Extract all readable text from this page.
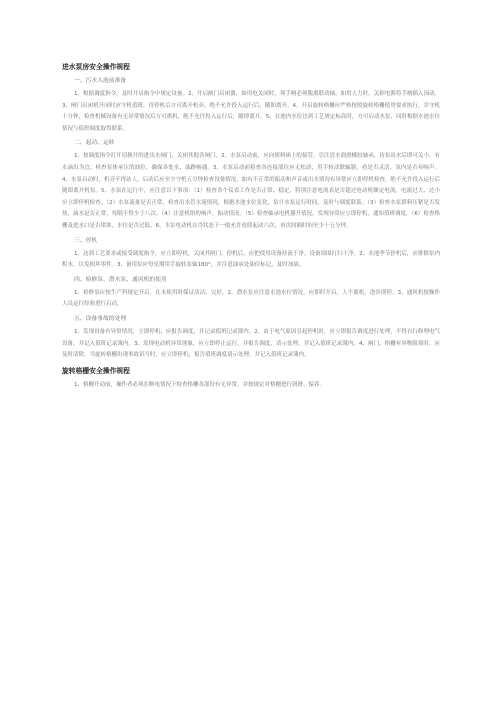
进水泵房安全操作规程
一、污水入池前准备
1、根据调度指令，及时开启指令中规定设备。2、开启闸门启闭器，如用电关闭时，须手柄必须脱离联动轴。如用人力时，关掉电源将手柄插入顶动。3、闸门启闭机开闭时应守机值班，待停机后方可离开机旁，绝不允许投入运行后，随即离开。4、开启旋转格栅应严格按照旋转格栅使用要求执行，并守机十分钟，检查机械设备有无异常情况后方可离机，绝不允许投入运行后，随即离开。5、在池内水位达到工艺规定标高时，方可启动水泵，同时根据水池水位情况与值班调度取得联系。
二、起动、运转
1、按调度指令打开切换开的进出水闸门，关闭其他各闸门。2、水泵启动前，应向填料函上的接管，引注清水润滑橡胶轴承，待泵出水后即可关小，有水滴出为宜，检查泵体承压的油位，确保各处水、油路畅通。3、水泵启动前检查各连接部位应无松动，用手转动联轴器，看是否灵活，泵内是否有响声。4、水泵启动时，机旁不得站人，启动后应至少守机五分钟检查设备情况，如有不正常的振动和声音或出水情况有异常应立即停机检查，绝不允许投入运行后随即离开机泵。5、水泵在运行中，应注意以下事项：（1）检查各个仪表工作是否正常、稳定，特别注意电流表是否超过电动机额定电流，电流过大、过小应立即停机检查。（2）水泵流量是否正常，检查出水管水流情况，根据水池水位变化，估计水泵运行时间，及时与调度联系。（3）检查水泵填料压紧是否发热，滴水是否正常，每隔不得少于八次。（4）注意机组的响声，振动情况。（5）检查轴承电机器升情况，发现异常应立即停机，通知值班调度。（6）检查格栅及进水口是否堵塞，水位是否过低。6、水泵电动机在冷状态下一般允许连续起动六次，再次间隔时间至少十五分钟。
三、停机
1、达到工艺要求或接受调度指令，应立即停机，关闭其闸门，停机后，应把使用设备挂流于净，设备周围打扫干净。2、水池季节停机后，应排除泵内积水，以免损坏零件。3、备用泵应每星期用手旋转泵轴180°，并注意油承处油位标记，及时加油。
四、检修泵、潜水泵、通风机的使用
1、检修泵应按生产科规定开启，在未使用时保证清洁、完好。2、潜水泵应注意水池水位情况，应即时开启，人不离机，泡涉即停。3、通风机按操作人员运行经验进行启动。
五、设备事故的处理
1、发现设备有异常情况，立即停机，应报告调度，并记录值班记录簿内。2、由于电气原因引起停机时，应立即报告调度进行处理，不得自行修理电气设备，并记入值班记录簿内。3、发现电动机异常现象，应立即停止运行，并报告调度，请示处理，并记入值班记录簿内。4、闸门、格栅有异物阻塞时，应及时清除，当旋转格栅出现事故讯号时，应立即停机，报告值班调度请示处理，并记入值班记录簿内。
旋转格栅安全操作规程
1、格栅开动前，操作者必须在断电情况下检查格栅各部份有无异常，并按规定对格栅进行润滑、保养。
